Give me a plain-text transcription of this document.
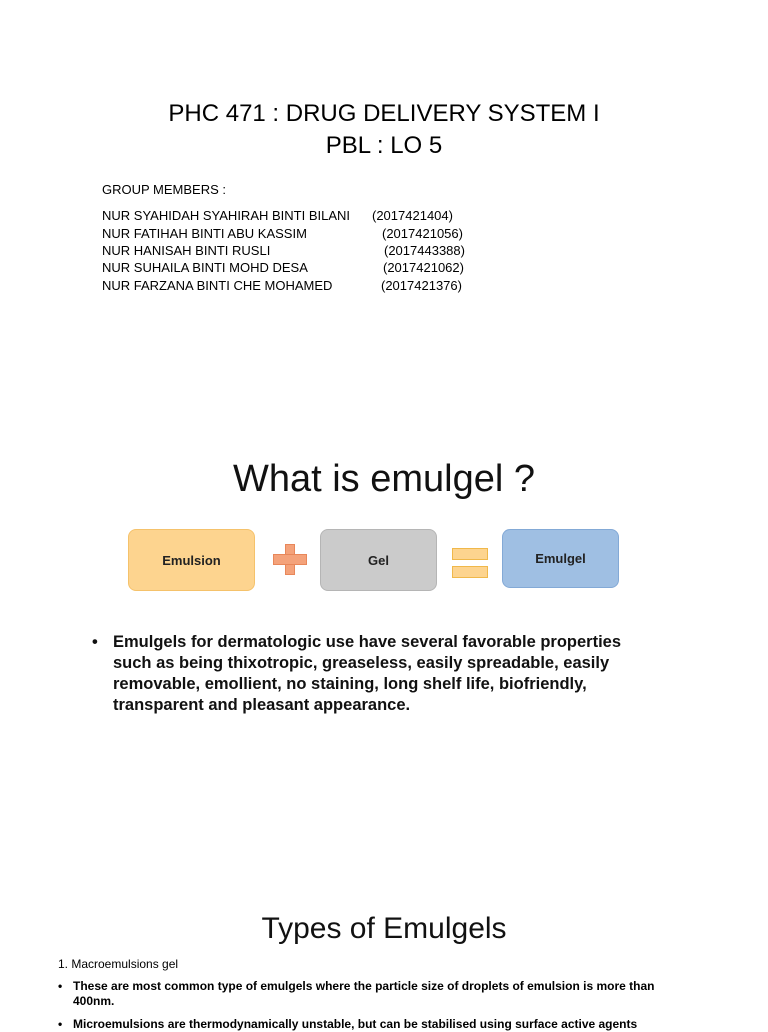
PHC 471 : DRUG DELIVERY SYSTEM I
PBL : LO 5
GROUP MEMBERS :
NUR SYAHIDAH SYAHIRAH BINTI BILANI (2017421404)
NUR FATIHAH BINTI ABU KASSIM	(2017421056)
NUR HANISAH BINTI RUSLI	(2017443388)
NUR SUHAILA BINTI MOHD DESA	(2017421062)
NUR FARZANA BINTI CHE MOHAMED	(2017421376)
What is emulgel ?
Emulsion	Gel	Emulgel
• Emulgels for dermatologic use have several favorable properties such as being thixotropic, greaseless, easily spreadable, easily removable, emollient, no staining, long shelf life, biofriendly, transparent and pleasant appearance.
Types of Emulgels
1. Macroemulsions gel
• These are most common type of emulgels where the particle size of droplets of emulsion is more than 400nm.
• Microemulsions are thermodynamically unstable, but can be stabilised using surface active agents
